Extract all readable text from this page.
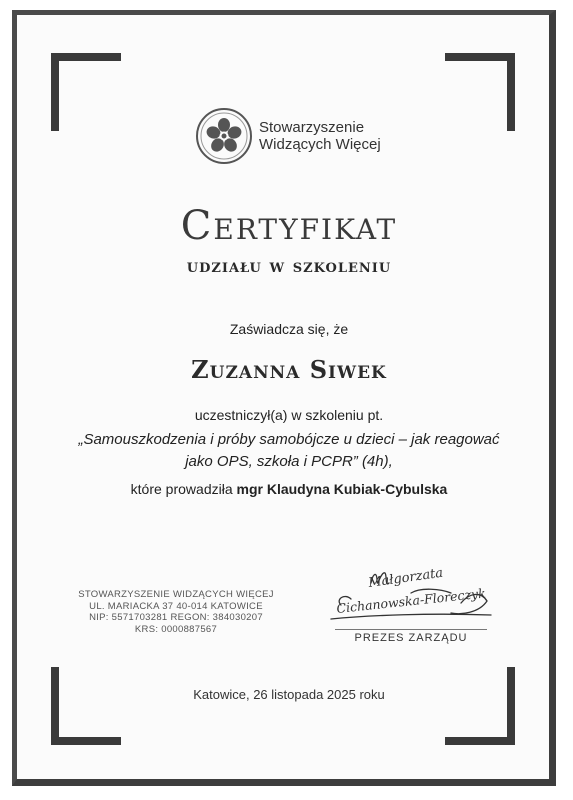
Stowarzyszenie
Widzących Więcej
Certyfikat
udziału w szkoleniu
Zaświadcza się, że
Zuzanna Siwek
uczestniczył(a) w szkoleniu pt.
„Samouszkodzenia i próby samobójcze u dzieci – jak reagować
jako OPS, szkoła i PCPR” (4h),
które prowadziła mgr Klaudyna Kubiak-Cybulska
STOWARZYSZENIE WIDZĄCYCH WIĘCEJ
UL. MARIACKA 37 40-014 KATOWICE
NIP: 5571703281 REGON: 384030207
KRS: 0000887567
Małgorzata
Cichanowska-Floreczyk
PREZES ZARZĄDU
Katowice, 26 listopada 2025 roku
